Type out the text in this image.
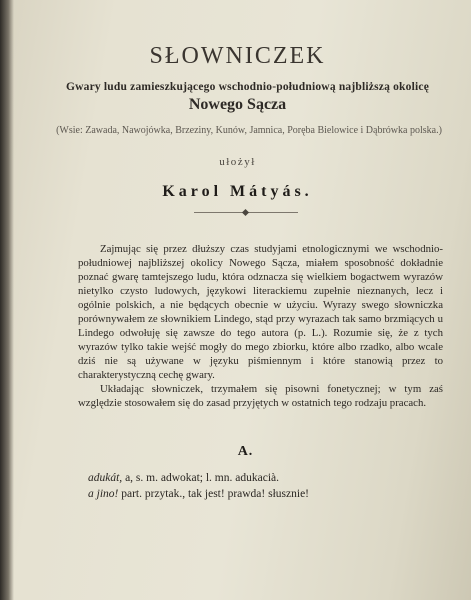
SŁOWNICZEK
Gwary ludu zamieszkującego wschodnio-południową najbliższą okolicę
Nowego Sącza
(Wsie: Zawada, Nawojówka, Brzeziny, Kunów, Jamnica, Poręba Bielowice i Dąbrówka polska.)
ułożył
Karol Mátyás.

Zajmując się przez dłuższy czas studyjami etnologicznymi we wschodnio-południowej najbliższej okolicy Nowego Sącza, miałem sposobność dokładnie poznać gwarę tamtejszego ludu, która odznacza się wielkiem bogactwem wyrazów nietylko czysto ludowych, językowi literackiemu zupełnie nieznanych, lecz i ogólnie polskich, a nie będących obecnie w użyciu. Wyrazy swego słowniczka porównywałem ze słownikiem Lindego, stąd przy wyrazach tak samo brzmiących u Lindego odwołuję się zawsze do tego autora (p. L.). Rozumie się, że z tych wyrazów tylko takie wejść mogły do mego zbiorku, które albo rzadko, albo wcale dziś nie są używane w języku piśmiennym i które stanowią przez to charakterystyczną cechę gwary.

Układając słowniczek, trzymałem się pisowni fonetycznej; w tym zaś względzie stosowałem się do zasad przyjętych w ostatnich tego rodzaju pracach.

A.
adukát, a, s. m. adwokat; l. mn. adukacià.
a jino! part. przytak., tak jest! prawda! słusznie!
